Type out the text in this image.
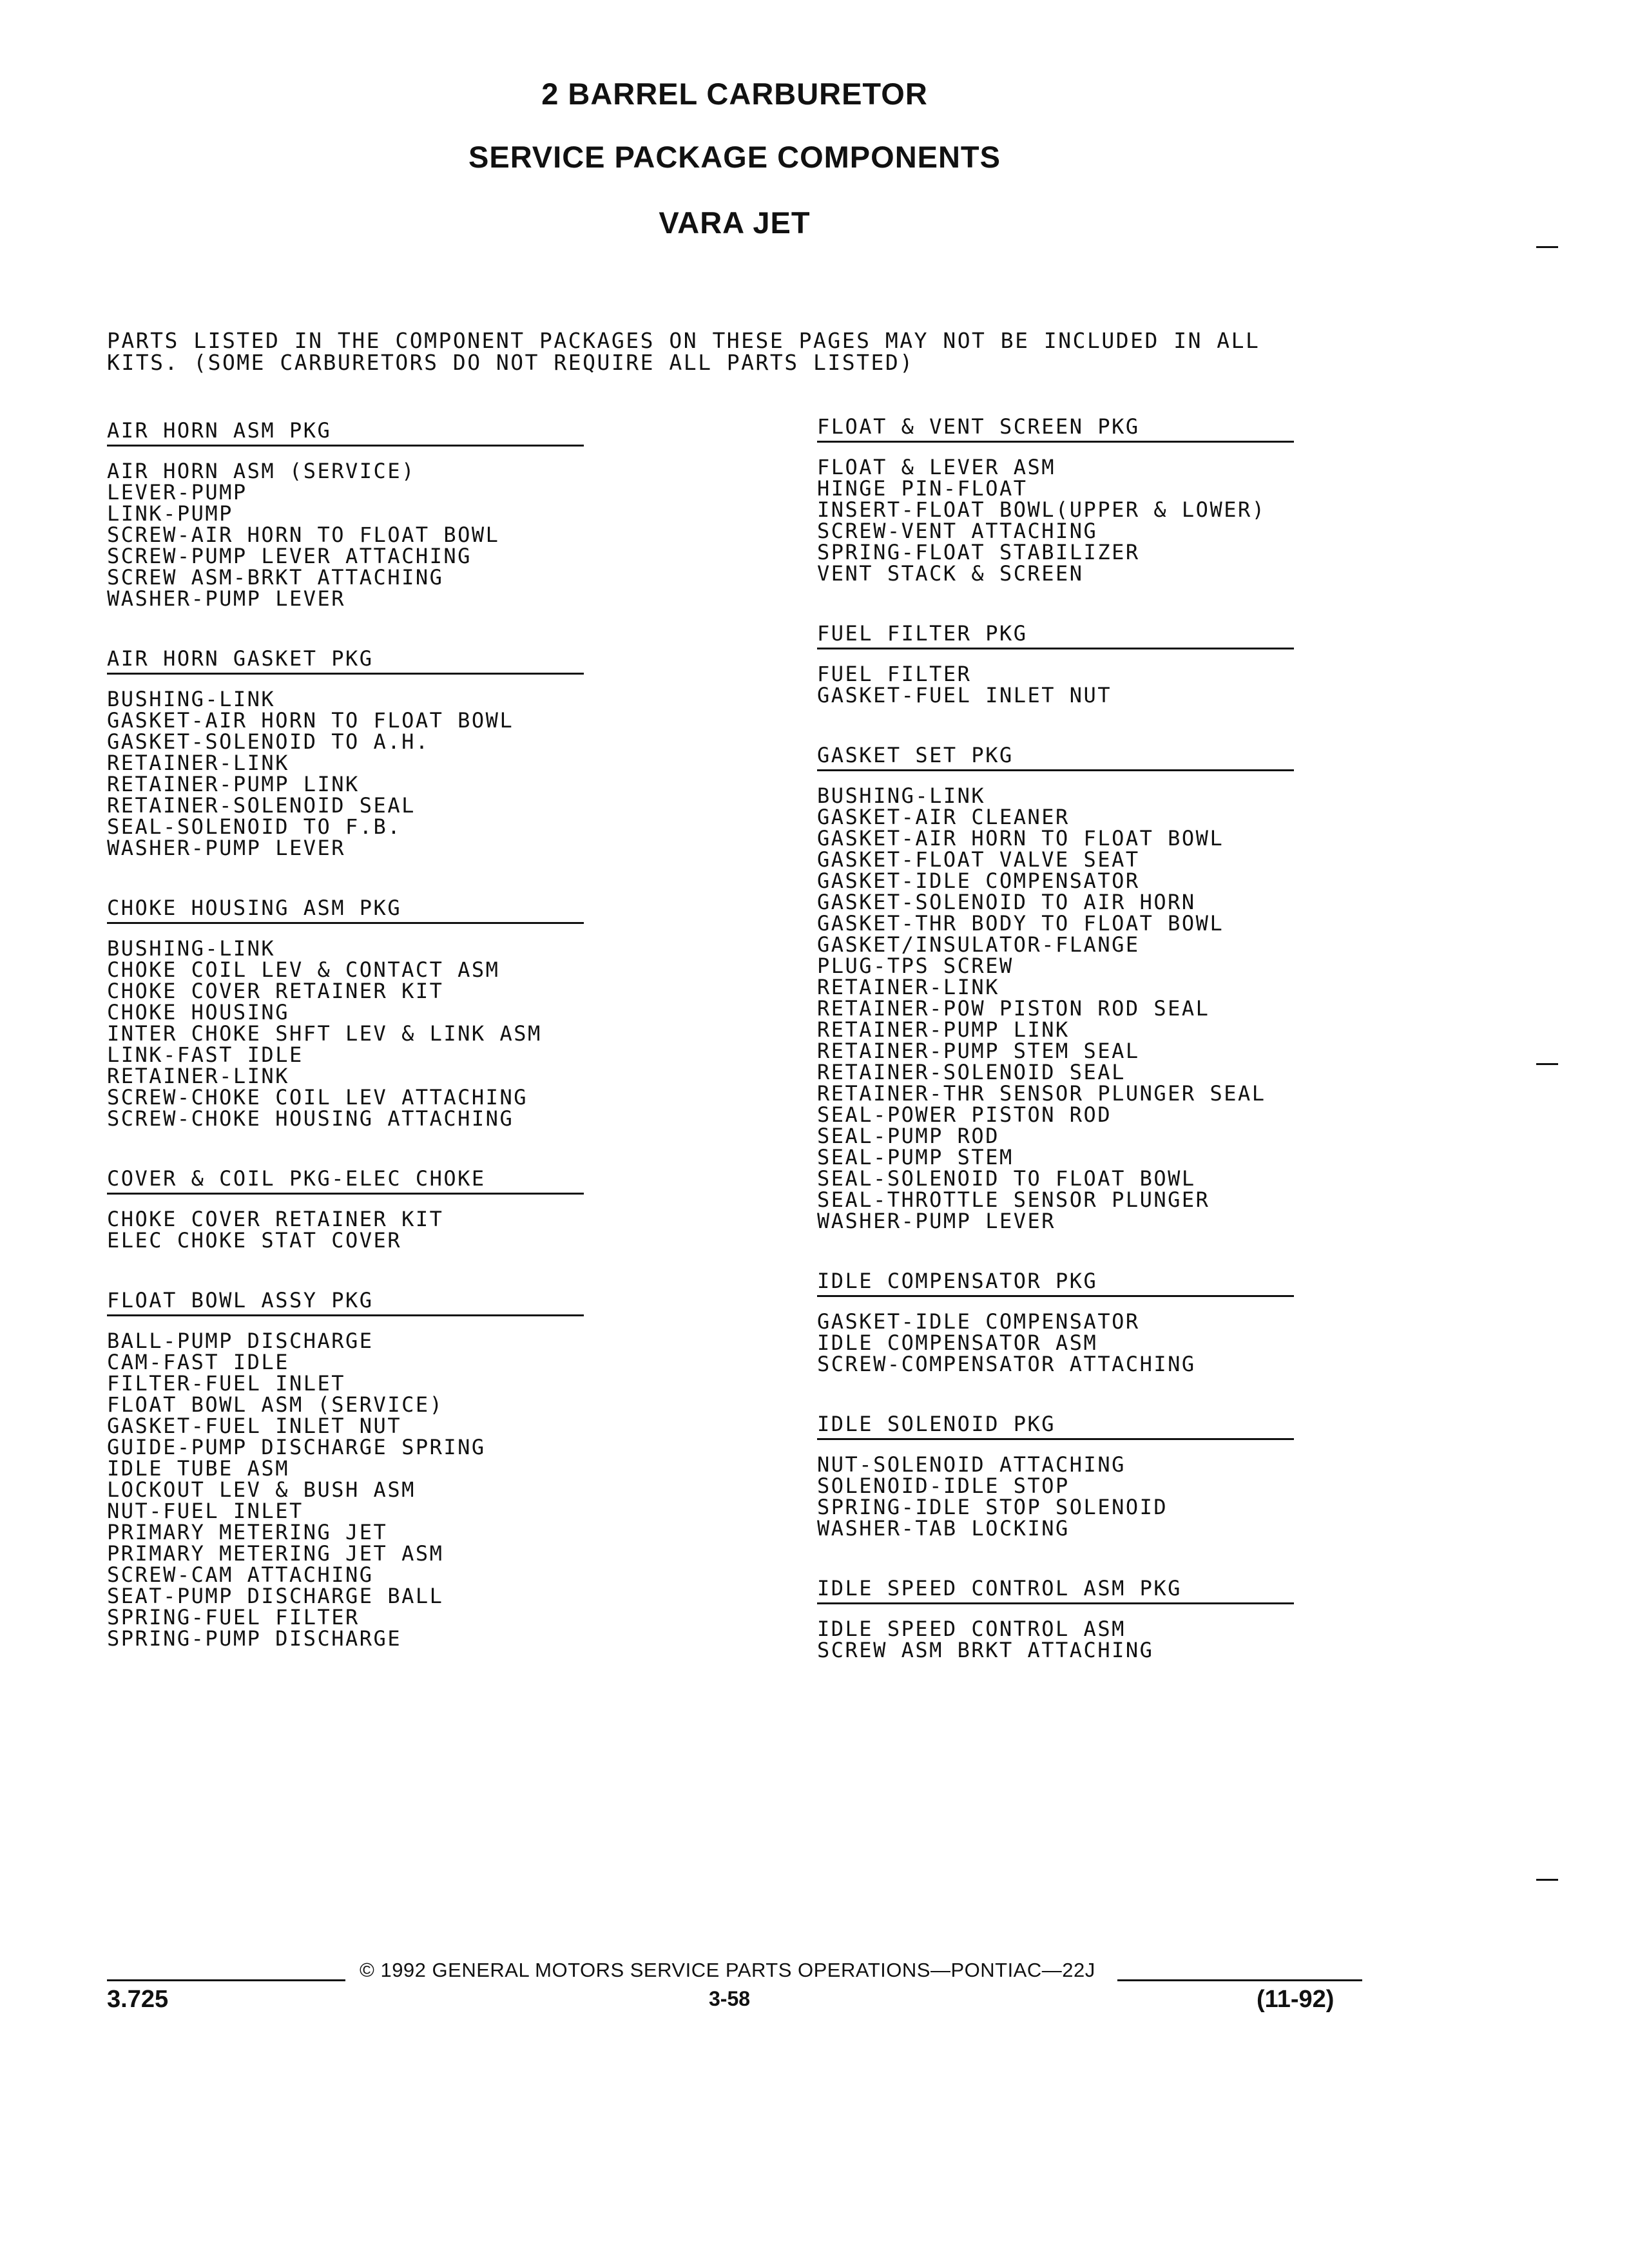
2 BARREL CARBURETOR
SERVICE PACKAGE COMPONENTS
VARA JET
PARTS LISTED IN THE COMPONENT PACKAGES ON THESE PAGES MAY NOT BE INCLUDED IN ALL
KITS. (SOME CARBURETORS DO NOT REQUIRE ALL PARTS LISTED)
AIR HORN ASM PKG
AIR HORN ASM (SERVICE)
LEVER-PUMP
LINK-PUMP
SCREW-AIR HORN TO FLOAT BOWL
SCREW-PUMP LEVER ATTACHING
SCREW ASM-BRKT ATTACHING
WASHER-PUMP LEVER
AIR HORN GASKET PKG
BUSHING-LINK
GASKET-AIR HORN TO FLOAT BOWL
GASKET-SOLENOID TO A.H.
RETAINER-LINK
RETAINER-PUMP LINK
RETAINER-SOLENOID SEAL
SEAL-SOLENOID TO F.B.
WASHER-PUMP LEVER
CHOKE HOUSING ASM PKG
BUSHING-LINK
CHOKE COIL LEV & CONTACT ASM
CHOKE COVER RETAINER KIT
CHOKE HOUSING
INTER CHOKE SHFT LEV & LINK ASM
LINK-FAST IDLE
RETAINER-LINK
SCREW-CHOKE COIL LEV ATTACHING
SCREW-CHOKE HOUSING ATTACHING
COVER & COIL PKG-ELEC CHOKE
CHOKE COVER RETAINER KIT
ELEC CHOKE STAT COVER
FLOAT BOWL ASSY PKG
BALL-PUMP DISCHARGE
CAM-FAST IDLE
FILTER-FUEL INLET
FLOAT BOWL ASM (SERVICE)
GASKET-FUEL INLET NUT
GUIDE-PUMP DISCHARGE SPRING
IDLE TUBE ASM
LOCKOUT LEV & BUSH ASM
NUT-FUEL INLET
PRIMARY METERING JET
PRIMARY METERING JET ASM
SCREW-CAM ATTACHING
SEAT-PUMP DISCHARGE BALL
SPRING-FUEL FILTER
SPRING-PUMP DISCHARGE
FLOAT & VENT SCREEN PKG
FLOAT & LEVER ASM
HINGE PIN-FLOAT
INSERT-FLOAT BOWL(UPPER & LOWER)
SCREW-VENT ATTACHING
SPRING-FLOAT STABILIZER
VENT STACK & SCREEN
FUEL FILTER PKG
FUEL FILTER
GASKET-FUEL INLET NUT
GASKET SET PKG
BUSHING-LINK
GASKET-AIR CLEANER
GASKET-AIR HORN TO FLOAT BOWL
GASKET-FLOAT VALVE SEAT
GASKET-IDLE COMPENSATOR
GASKET-SOLENOID TO AIR HORN
GASKET-THR BODY TO FLOAT BOWL
GASKET/INSULATOR-FLANGE
PLUG-TPS SCREW
RETAINER-LINK
RETAINER-POW PISTON ROD SEAL
RETAINER-PUMP LINK
RETAINER-PUMP STEM SEAL
RETAINER-SOLENOID SEAL
RETAINER-THR SENSOR PLUNGER SEAL
SEAL-POWER PISTON ROD
SEAL-PUMP ROD
SEAL-PUMP STEM
SEAL-SOLENOID TO FLOAT BOWL
SEAL-THROTTLE SENSOR PLUNGER
WASHER-PUMP LEVER
IDLE COMPENSATOR PKG
GASKET-IDLE COMPENSATOR
IDLE COMPENSATOR ASM
SCREW-COMPENSATOR ATTACHING
IDLE SOLENOID PKG
NUT-SOLENOID ATTACHING
SOLENOID-IDLE STOP
SPRING-IDLE STOP SOLENOID
WASHER-TAB LOCKING
IDLE SPEED CONTROL ASM PKG
IDLE SPEED CONTROL ASM
SCREW ASM BRKT ATTACHING
© 1992 GENERAL MOTORS SERVICE PARTS OPERATIONS—PONTIAC—22J
3.725	3-58	(11-92)
